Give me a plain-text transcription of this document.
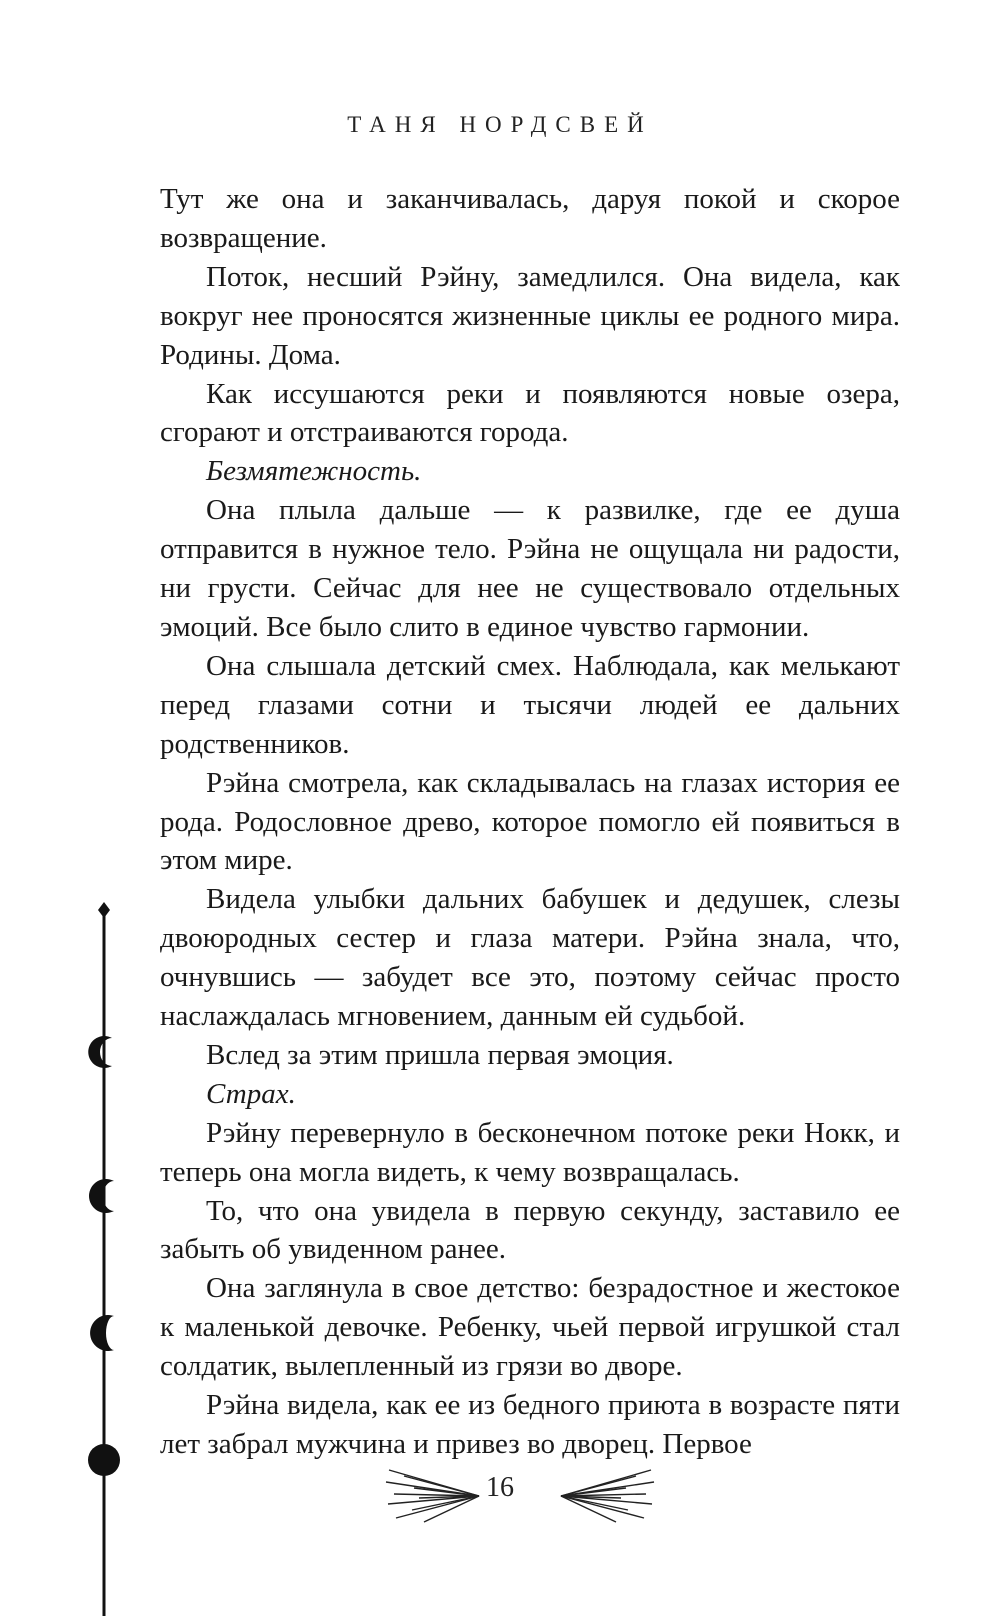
ТАНЯ НОРДСВЕЙ

Тут же она и заканчивалась, даруя покой и скорое возвращение.

Поток, несший Рэйну, замедлился. Она видела, как вокруг нее проносятся жизненные циклы ее родного мира. Родины. Дома.

Как иссушаются реки и появляются новые озера, сгорают и отстраиваются города.

Безмятежность.

Она плыла дальше — к развилке, где ее душа отправится в нужное тело. Рэйна не ощущала ни радости, ни грусти. Сейчас для нее не существовало отдельных эмоций. Все было слито в единое чувство гармонии.

Она слышала детский смех. Наблюдала, как мелькают перед глазами сотни и тысячи людей ее дальних родственников.

Рэйна смотрела, как складывалась на глазах история ее рода. Родословное древо, которое помогло ей появиться в этом мире.

Видела улыбки дальних бабушек и дедушек, слезы двоюродных сестер и глаза матери. Рэйна знала, что, очнувшись — забудет все это, поэтому сейчас просто наслаждалась мгновением, данным ей судьбой.

Вслед за этим пришла первая эмоция.

Страх.

Рэйну перевернуло в бесконечном потоке реки Нокк, и теперь она могла видеть, к чему возвращалась.

То, что она увидела в первую секунду, заставило ее забыть об увиденном ранее.

Она заглянула в свое детство: безрадостное и жестокое к маленькой девочке. Ребенку, чьей первой игрушкой стал солдатик, вылепленный из грязи во дворе.

Рэйна видела, как ее из бедного приюта в возрасте пяти лет забрал мужчина и привез во дворец. Первое

16
